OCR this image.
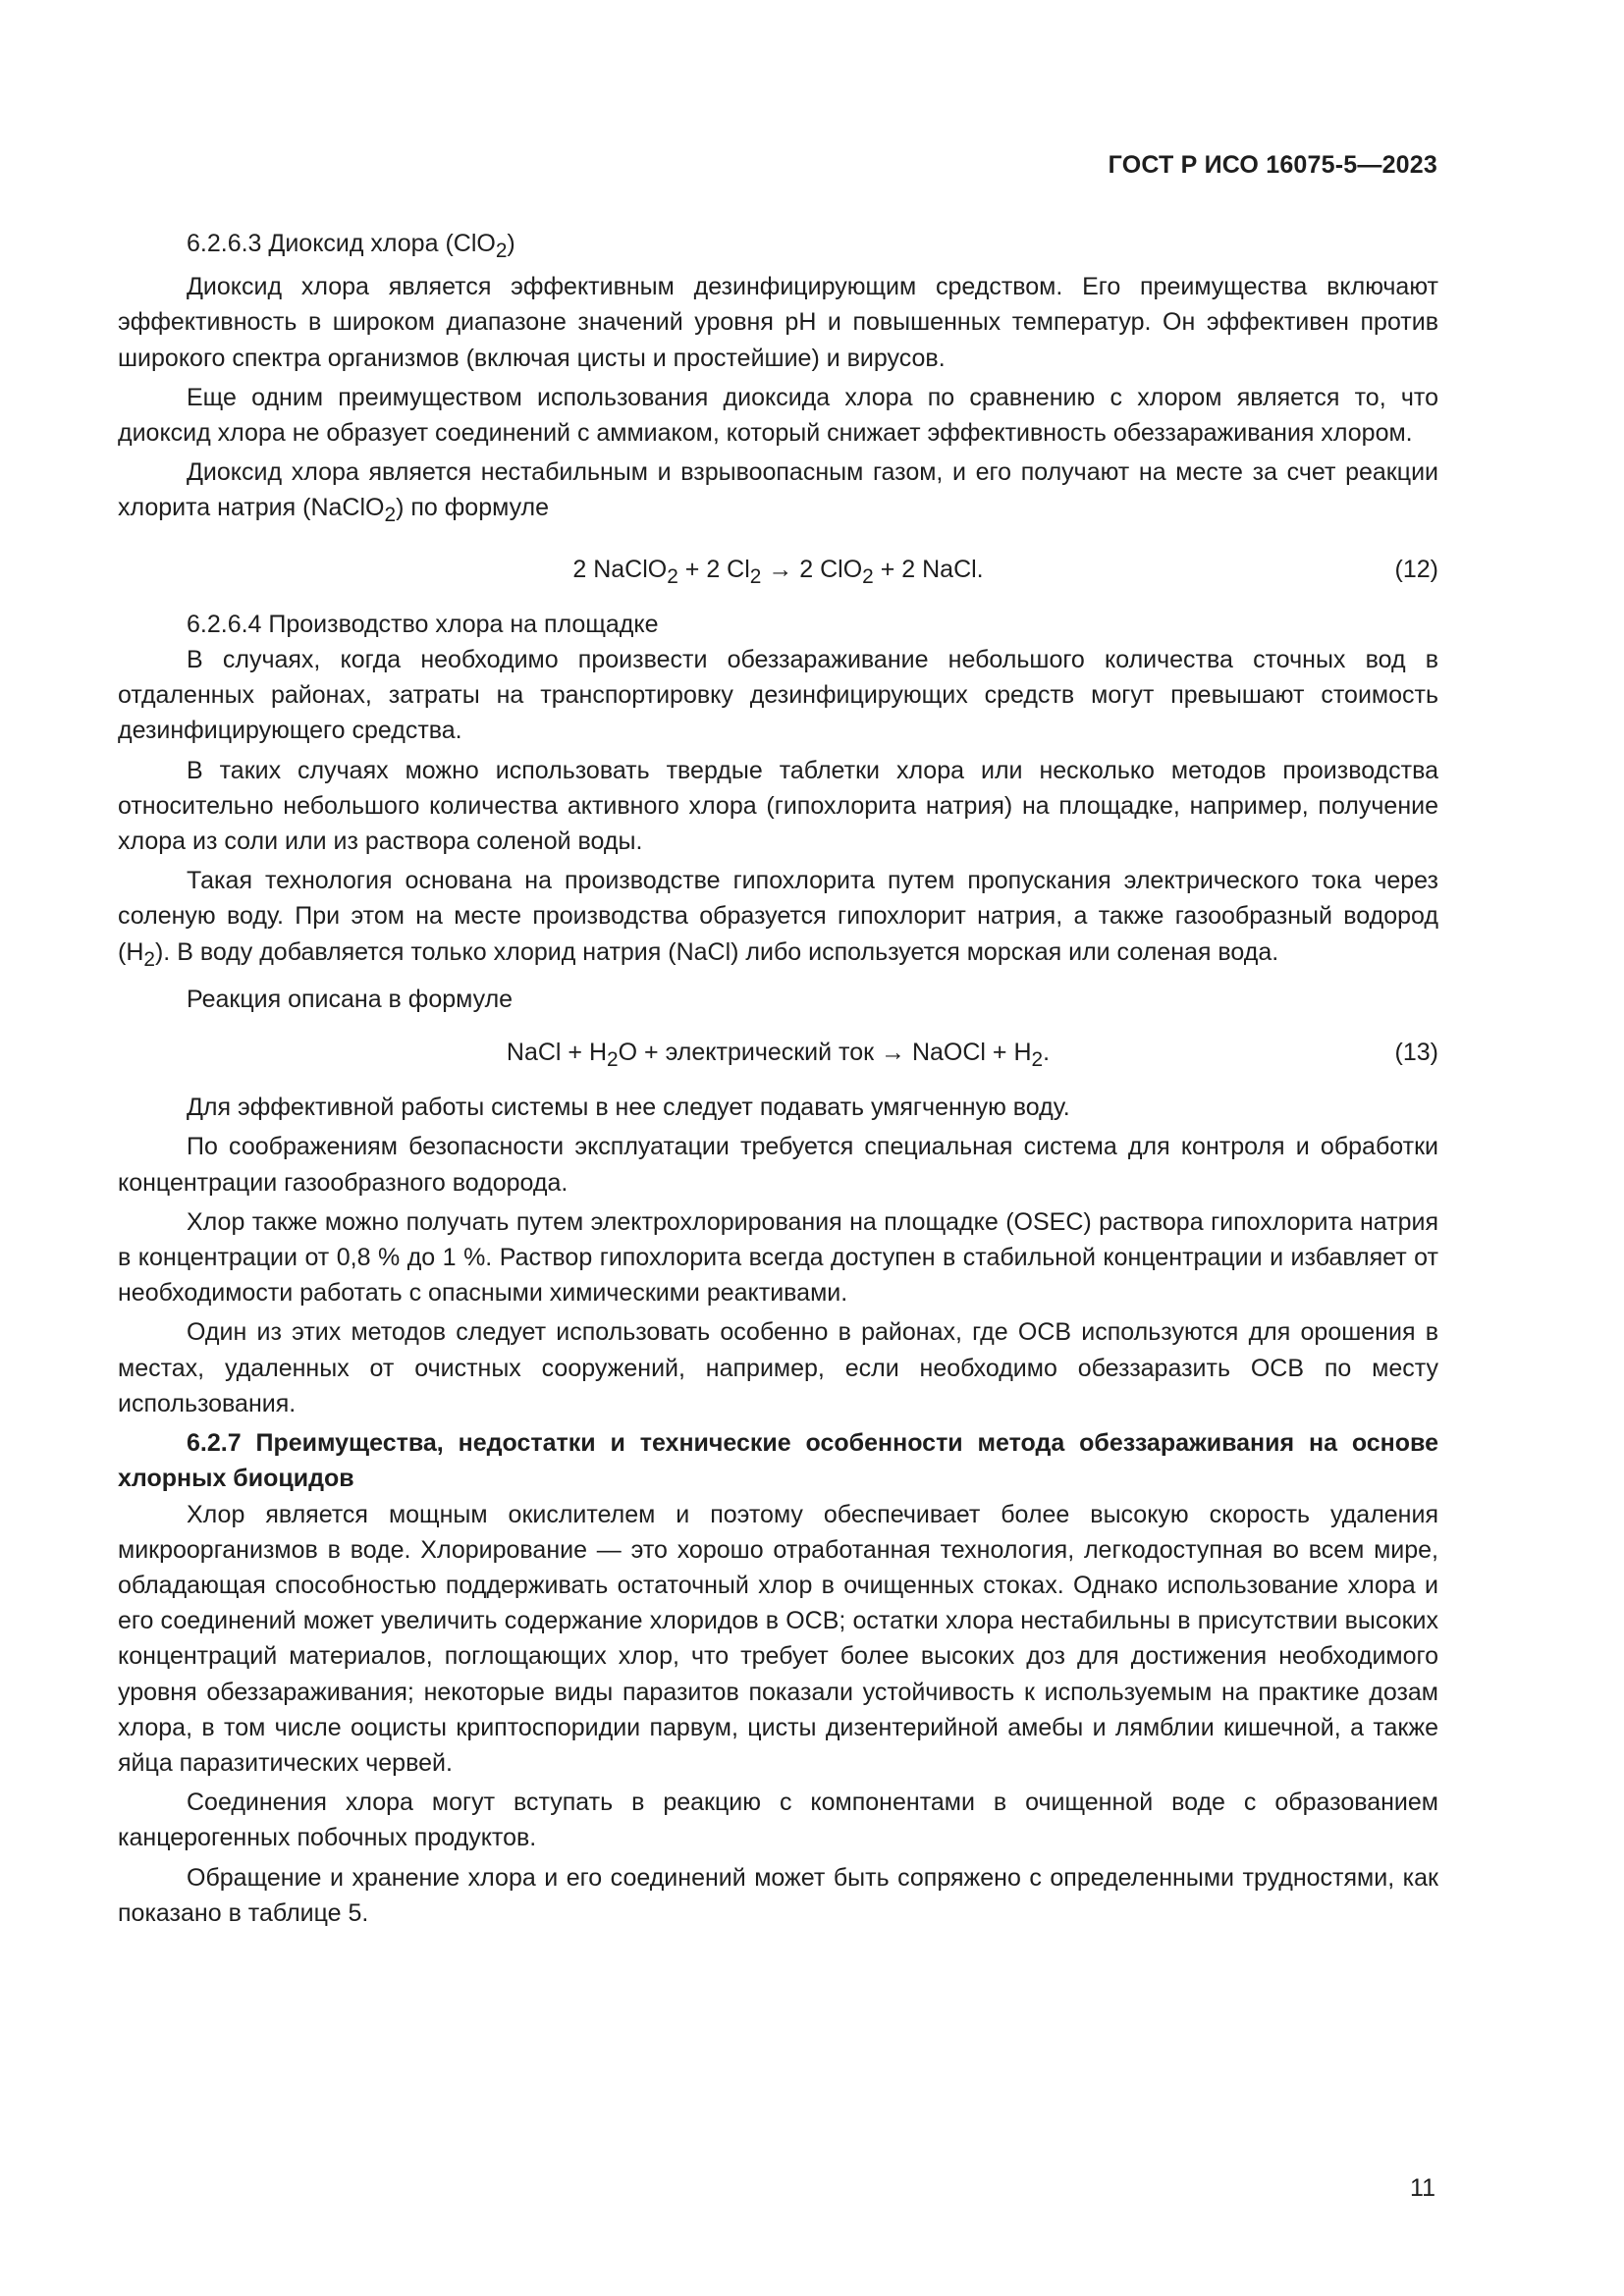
ГОСТ Р ИСО 16075-5—2023

6.2.6.3 Диоксид хлора (ClO$_2$)

Диоксид хлора является эффективным дезинфицирующим средством. Его преимущества включают эффективность в широком диапазоне значений уровня pH и повышенных температур. Он эффективен против широкого спектра организмов (включая цисты и простейшие) и вирусов.

Еще одним преимуществом использования диоксида хлора по сравнению с хлором является то, что диоксид хлора не образует соединений с аммиаком, который снижает эффективность обеззараживания хлором.

Диоксид хлора является нестабильным и взрывоопасным газом, и его получают на месте за счет реакции хлорита натрия (NaClO$_2$) по формуле

2 NaClO$_2$ + 2 $Cl_2 \to 2$ ClO$_2$ + 2 NaCl.	(12)

6.2.6.4 Производство хлора на площадке

В случаях, когда необходимо произвести обеззараживание небольшого количества сточных вод в отдаленных районах, затраты на транспортировку дезинфицирующих средств могут превышают стоимость дезинфицирующего средства.

В таких случаях можно использовать твердые таблетки хлора или несколько методов производства относительно небольшого количества активного хлора (гипохлорита натрия) на площадке, например, получение хлора из соли или из раствора соленой воды.

Такая технология основана на производстве гипохлорита путем пропускания электрического тока через соленую воду. При этом на месте производства образуется гипохлорит натрия, а также газообразный водород $(H_2)$. В воду добавляется только хлорид натрия (NaCl) либо используется морская или соленая вода.

Реакция описана в формуле

NaCl + $H_2O$ + электрический ток → NaOCl + $H_2$.	(13)

Для эффективной работы системы в нее следует подавать умягченную воду.

По соображениям безопасности эксплуатации требуется специальная система для контроля и обработки концентрации газообразного водорода.

Хлор также можно получать путем электрохлорирования на площадке (OSEC) раствора гипохлорита натрия в концентрации от 0,8 % до 1 %. Раствор гипохлорита всегда доступен в стабильной концентрации и избавляет от необходимости работать с опасными химическими реактивами.

Один из этих методов следует использовать особенно в районах, где ОСВ используются для орошения в местах, удаленных от очистных сооружений, например, если необходимо обеззаразить ОСВ по месту использования.

6.2.7 Преимущества, недостатки и технические особенности метода обеззараживания на основе хлорных биоцидов

Хлор является мощным окислителем и поэтому обеспечивает более высокую скорость удаления микроорганизмов в воде. Хлорирование — это хорошо отработанная технология, легкодоступная во всем мире, обладающая способностью поддерживать остаточный хлор в очищенных стоках. Однако использование хлора и его соединений может увеличить содержание хлоридов в ОСВ; остатки хлора нестабильны в присутствии высоких концентраций материалов, поглощающих хлор, что требует более высоких доз для достижения необходимого уровня обеззараживания; некоторые виды паразитов показали устойчивость к используемым на практике дозам хлора, в том числе ооцисты криптоспоридии парвум, цисты дизентерийной амебы и лямблии кишечной, а также яйца паразитических червей.

Соединения хлора могут вступать в реакцию с компонентами в очищенной воде с образованием канцерогенных побочных продуктов.

Обращение и хранение хлора и его соединений может быть сопряжено с определенными трудностями, как показано в таблице 5.

11
